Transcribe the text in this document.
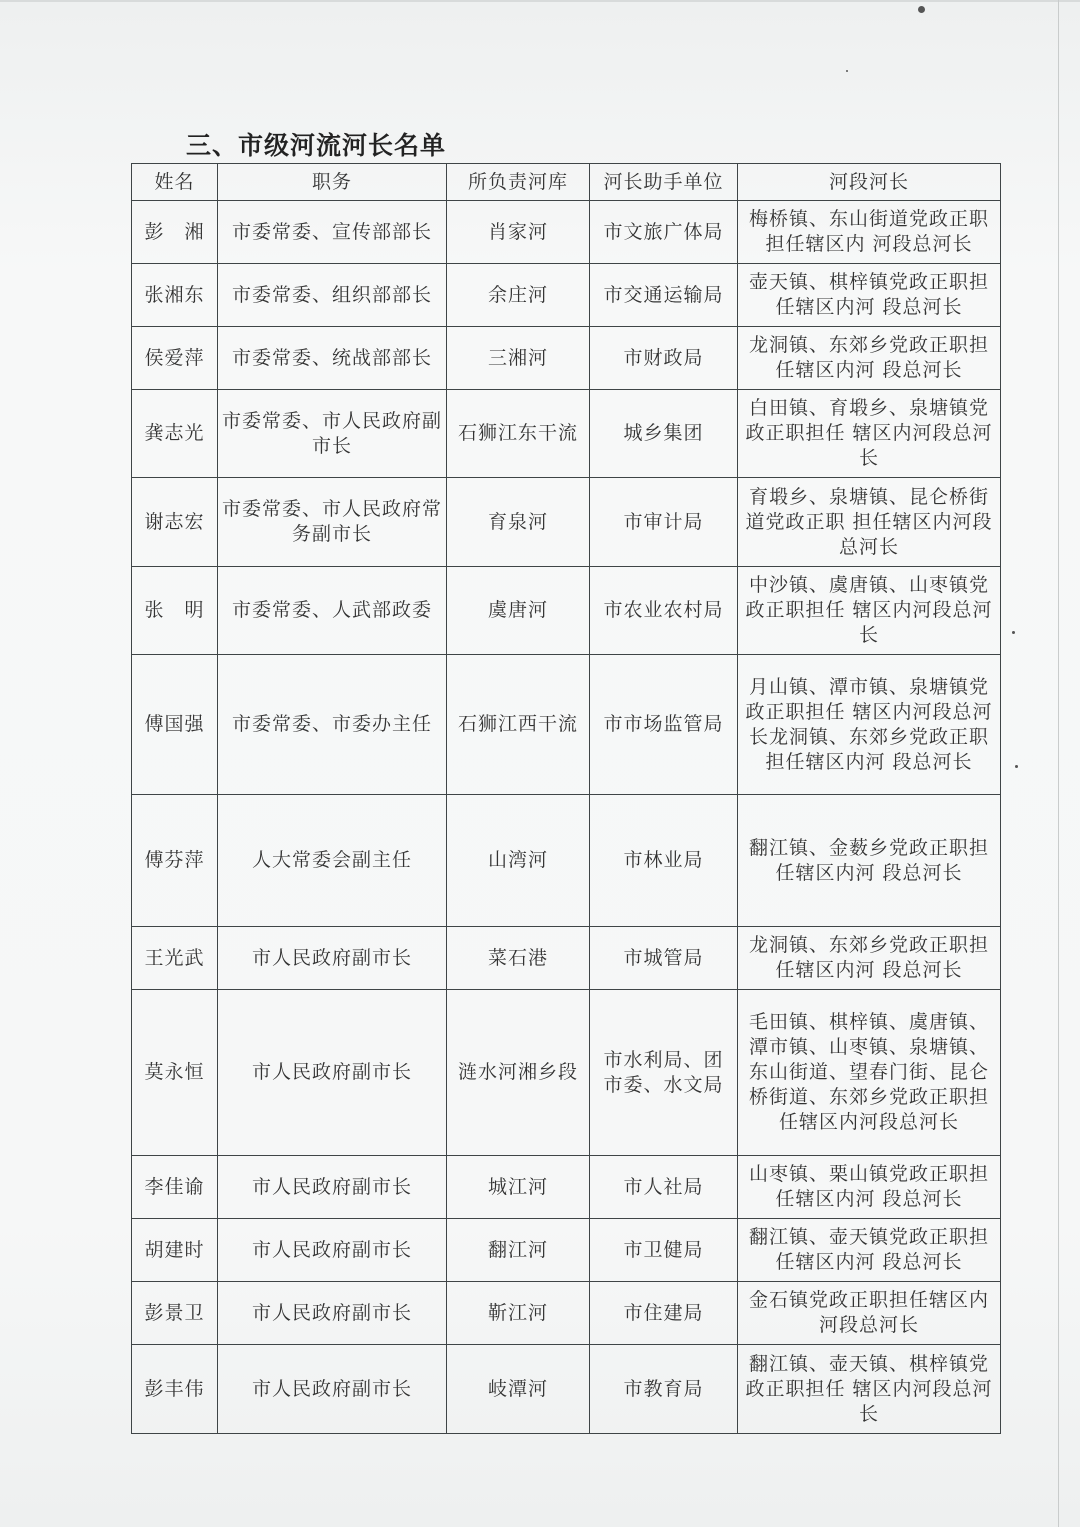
三、市级河流河长名单
姓名	职务	所负责河库	河长助手单位	河段河长
彭　湘	市委常委、宣传部部长	肖家河	市文旅广体局	梅桥镇、东山街道党政正职担任辖区内 河段总河长
张湘东	市委常委、组织部部长	余庄河	市交通运输局	壶天镇、棋梓镇党政正职担任辖区内河 段总河长
侯爱萍	市委常委、统战部部长	三湘河	市财政局	龙洞镇、东郊乡党政正职担任辖区内河 段总河长
龚志光	市委常委、市人民政府副市长	石狮江东干流	城乡集团	白田镇、育塅乡、泉塘镇党政正职担任 辖区内河段总河长
谢志宏	市委常委、市人民政府常务副市长	育泉河	市审计局	育塅乡、泉塘镇、昆仑桥街道党政正职 担任辖区内河段总河长
张　明	市委常委、人武部政委	虞唐河	市农业农村局	中沙镇、虞唐镇、山枣镇党政正职担任 辖区内河段总河长
傅国强	市委常委、市委办主任	石狮江西干流	市市场监管局	月山镇、潭市镇、泉塘镇党政正职担任 辖区内河段总河长龙洞镇、东郊乡党政正职担任辖区内河 段总河长
傅芬萍	人大常委会副主任	山湾河	市林业局	翻江镇、金薮乡党政正职担任辖区内河 段总河长
王光武	市人民政府副市长	菜石港	市城管局	龙洞镇、东郊乡党政正职担任辖区内河 段总河长
莫永恒	市人民政府副市长	涟水河湘乡段	市水利局、团市委、水文局	毛田镇、棋梓镇、虞唐镇、潭市镇、山枣镇、泉塘镇、东山街道、望春门街、昆仑桥街道、东郊乡党政正职担任辖区内河段总河长
李佳谕	市人民政府副市长	城江河	市人社局	山枣镇、栗山镇党政正职担任辖区内河 段总河长
胡建时	市人民政府副市长	翻江河	市卫健局	翻江镇、壶天镇党政正职担任辖区内河 段总河长
彭景卫	市人民政府副市长	靳江河	市住建局	金石镇党政正职担任辖区内河段总河长
彭丰伟	市人民政府副市长	岐潭河	市教育局	翻江镇、壶天镇、棋梓镇党政正职担任 辖区内河段总河长
